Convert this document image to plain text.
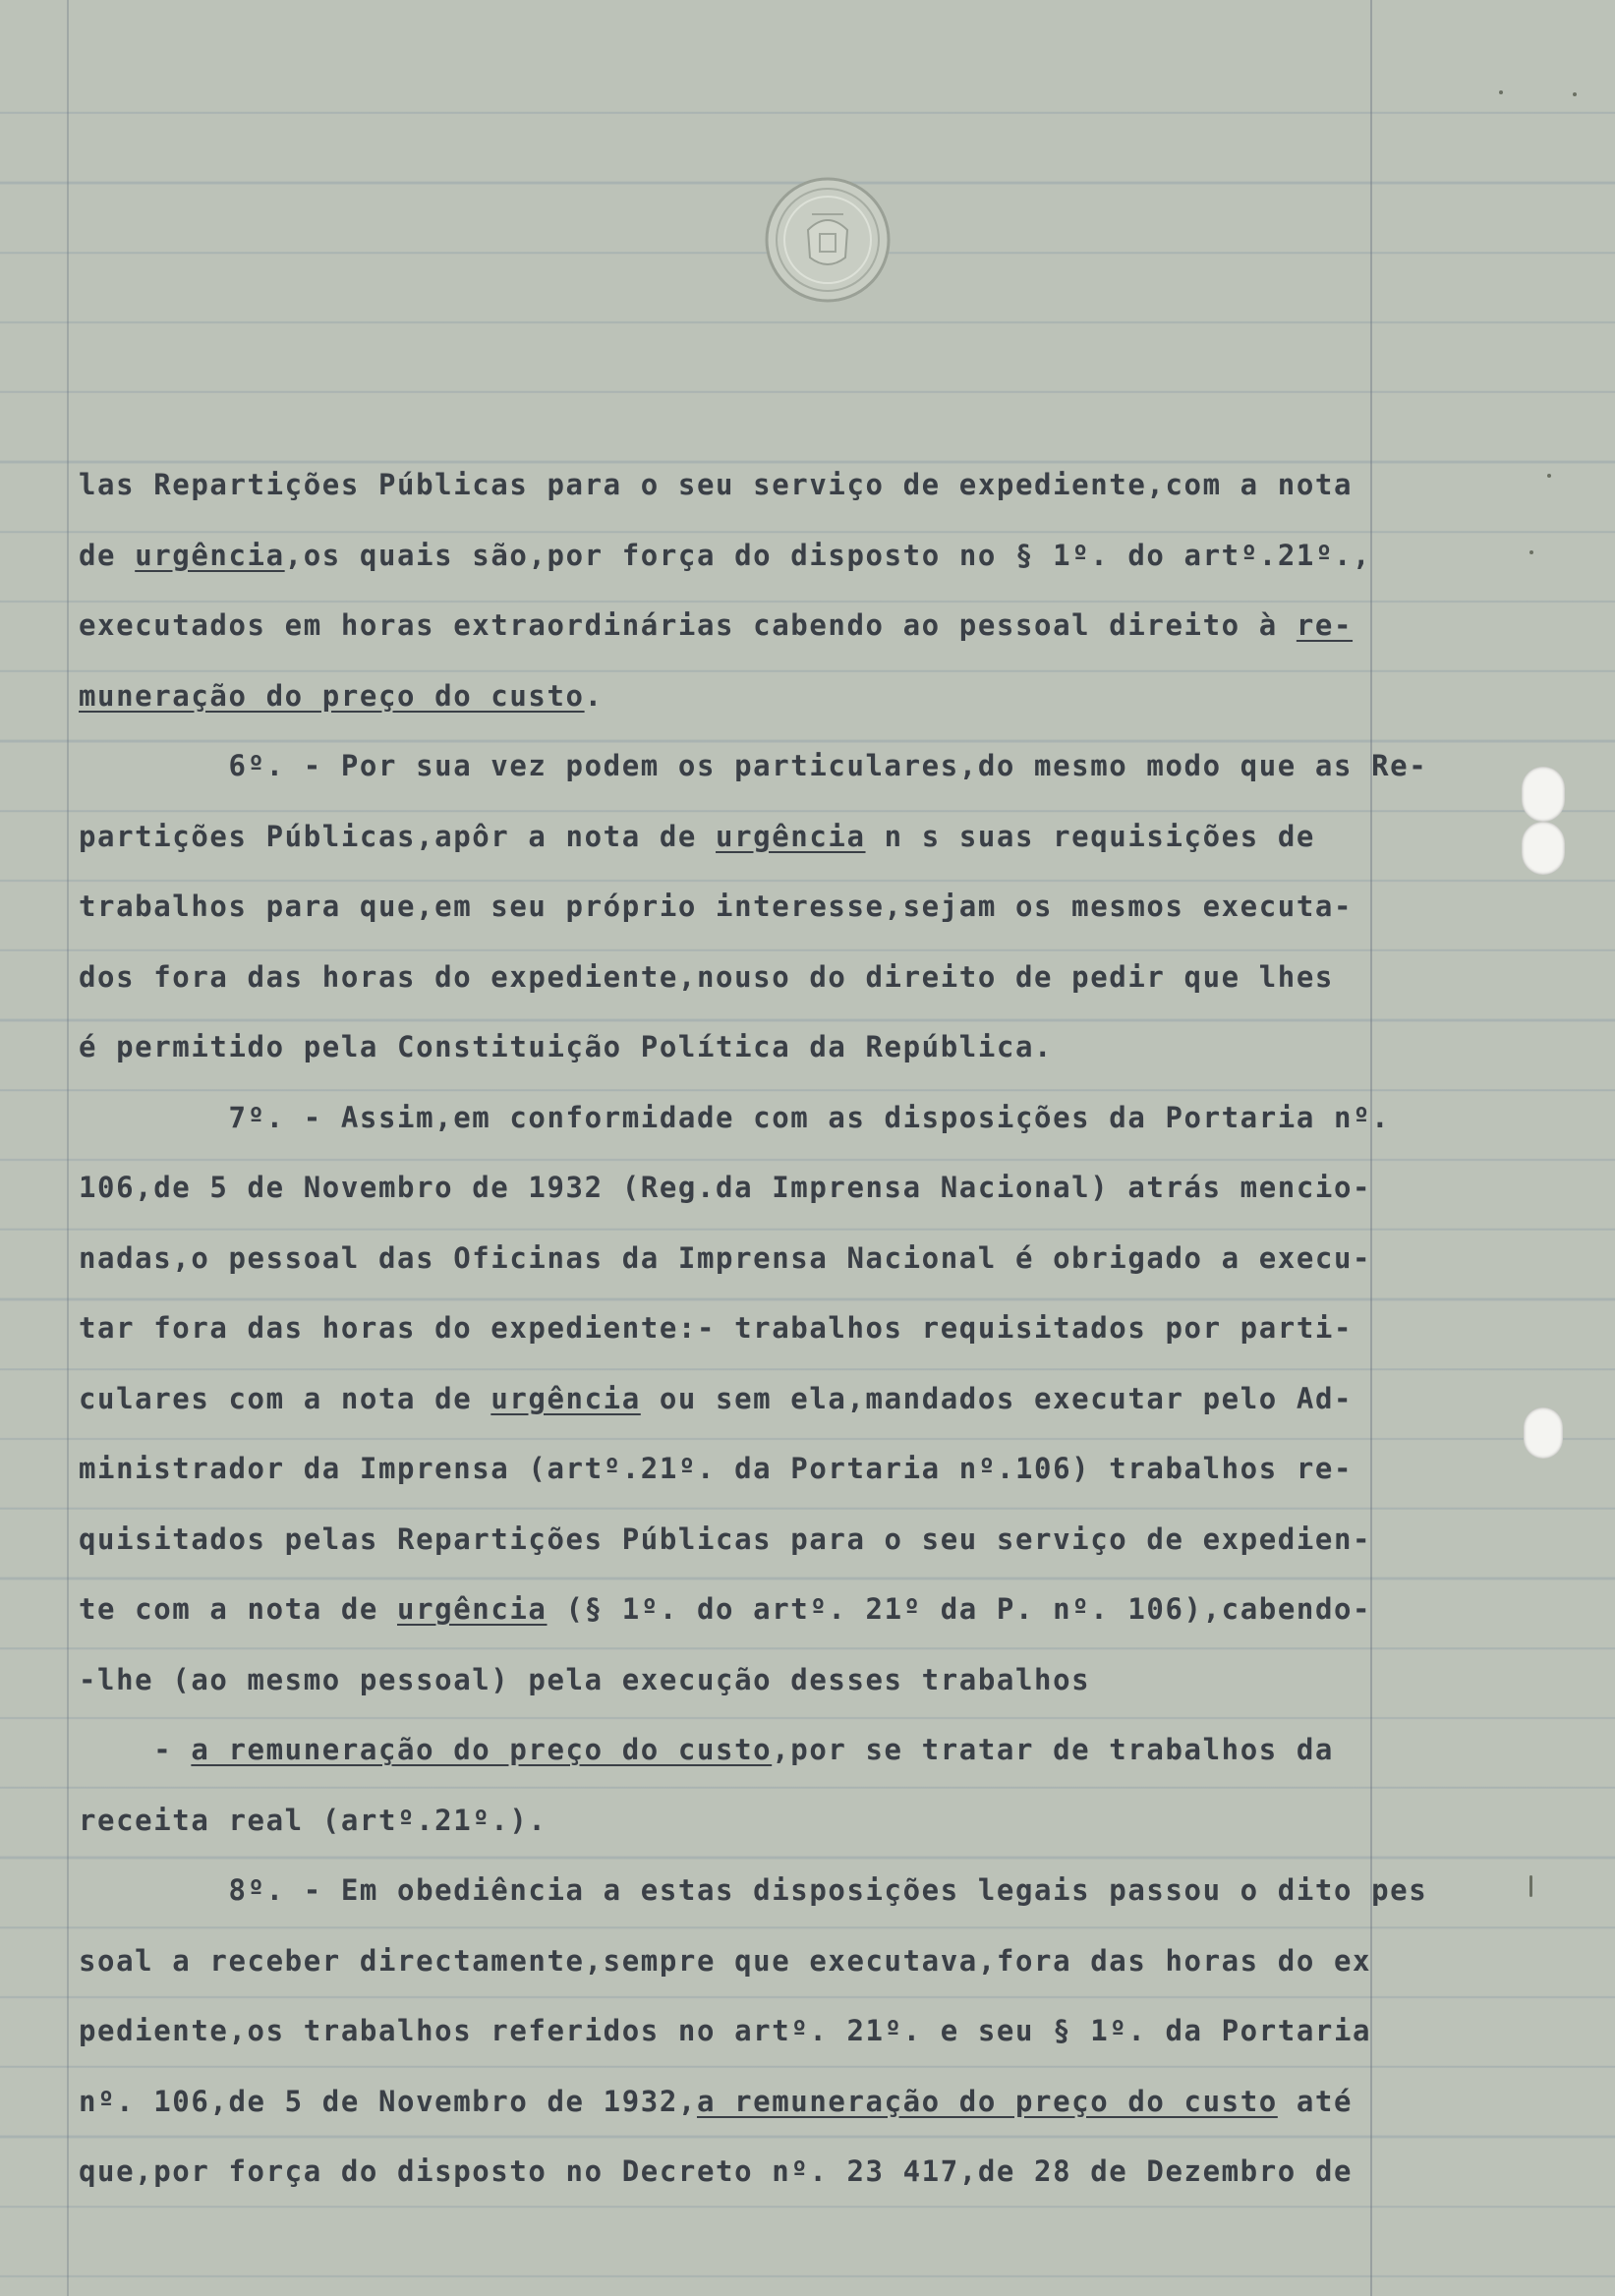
las Repartições Públicas para o seu serviço de expediente,com a nota
de urgência,os quais são,por força do disposto no § 1º. do artº.21º.,
executados em horas extraordinárias cabendo ao pessoal direito à re-
muneração do preço do custo.
6º. - Por sua vez podem os particulares,do mesmo modo que as Re-
partições Públicas,apôr a nota de urgência n s suas requisições de
trabalhos para que,em seu próprio interesse,sejam os mesmos executa-
dos fora das horas do expediente,nouso do direito de pedir que lhes
é permitido pela Constituição Política da República.
7º. - Assim,em conformidade com as disposições da Portaria nº.
106,de 5 de Novembro de 1932 (Reg.da Imprensa Nacional) atrás mencio-
nadas,o pessoal das Oficinas da Imprensa Nacional é obrigado a execu-
tar fora das horas do expediente:- trabalhos requisitados por parti-
culares com a nota de urgência ou sem ela,mandados executar pelo Ad-
ministrador da Imprensa (artº.21º. da Portaria nº.106) trabalhos re-
quisitados pelas Repartições Públicas para o seu serviço de expedien-
te com a nota de urgência (§ 1º. do artº. 21º da P. nº. 106),cabendo-
-lhe (ao mesmo pessoal) pela execução desses trabalhos
- a remuneração do preço do custo,por se tratar de trabalhos da
receita real (artº.21º.).
8º. - Em obediência a estas disposições legais passou o dito pes
soal a receber directamente,sempre que executava,fora das horas do ex
pediente,os trabalhos referidos no artº. 21º. e seu § 1º. da Portaria
nº. 106,de 5 de Novembro de 1932,a remuneração do preço do custo até
que,por força do disposto no Decreto nº. 23 417,de 28 de Dezembro de
